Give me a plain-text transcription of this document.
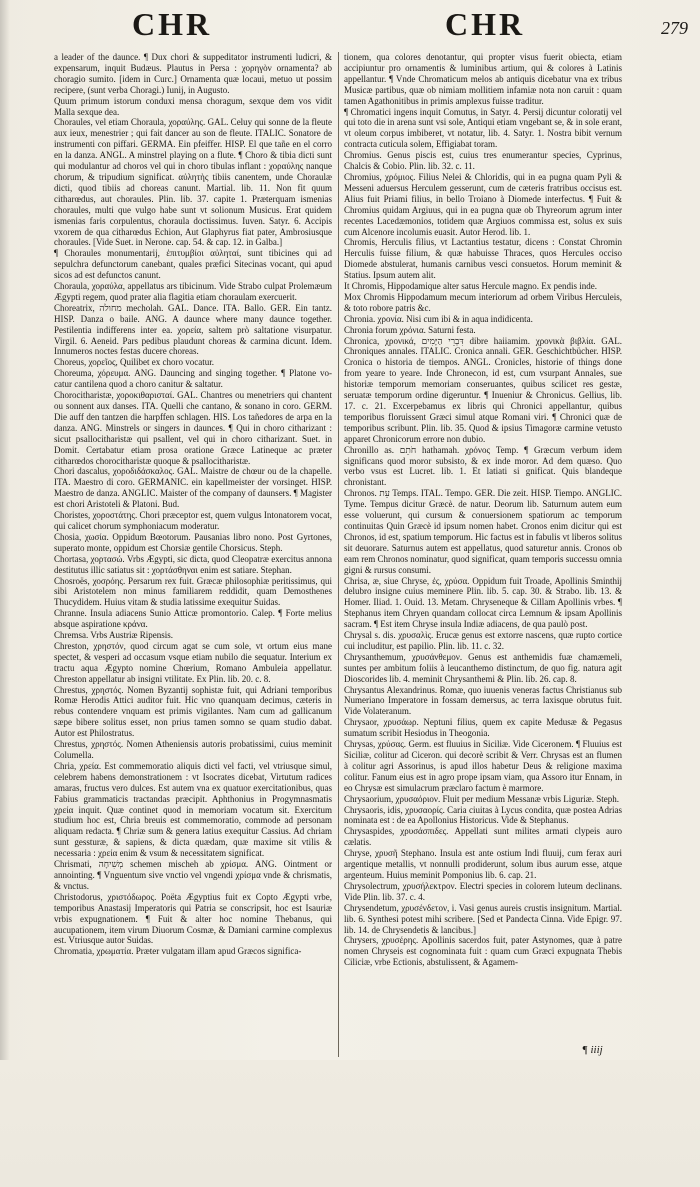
CHR	CHR	279

a leader of the daunce. ¶ Dux chori & suppeditator instrumenti ludicri, & expensarum, inquit Budæus. Plautus in Persa : χορηγὸν ornamenta? ab choragio sumito. [idem in Curc.] Ornamenta quæ locaui, metuo ut possim recipere, (sunt verba Choragi.) Iunij, in Augusto.

Quum primum istorum conduxi mensa choragum, sexque dem vos vidit Malla sexque dea.

Choraules, vel etiam Choraula, χοραύλης. GAL. Celuy qui sonne de la fleute aux ieux, menestrier ; qui fait dancer au son de fleute. ITALIC. Sonatore de instrumenti con piffari. GERMA. Ein pfeiffer. HISP. El que tañe en el corro en la danza. ANGL. A minstrel playing on a flute. ¶ Choro & tibia dicti sunt qui modulantur ad choros vel qui in choro tibulas inflant : χοραύλης nanque chorum, & tripudium significat. αὐλητὴς tibiis canentem, unde Choraulæ dicti, quod tibiis ad choreas canunt. Martial. lib. 11. Non fit quum citharœdus, aut choraules. Plin. lib. 37. capite 1. Præterquam ismenias choraules, multi que vulgo habe sunt vt solionum Musicus. Erat quidem ismenias faris corpulentus, choraula doctissimus. Iuven. Satyr. 6. Accipis vxorem de qua citharœdus Echion, Aut Glaphyrus fiat pater, Ambrosiusque choraules. [Vide Suet. in Nerone. cap. 54. & cap. 12. in Galba.]

¶ Choraules monumentarij, ἐπιτυμβίοι αὐληταί, sunt tibicines qui ad sepulchra defunctorum canebant, quales præfici Sitecinas vocant, qui apud sicos ad est defunctos canunt.

Choraula, χοραύλα, appellatus ars tibicinum. Vide Strabo culpat Prolemæum Ægypti regem, quod prater alia flagitia etiam choraulam exercuerit.

Choreatrix, מחולה mecholah. GAL. Dance. ITA. Ballo. GER. Ein tantz. HISP. Danza o baile. ANG. A daunce where many daunce together. Pestilentia indifferens inter ea. χορεία, saltem prò saltatione visurpatur. Virgil. 6. Aeneid. Pars pedibus plaudunt choreas & carmina dicunt. Idem. Innumeros noctes festas ducere choreas.

Choreus, χορεῖος, Quilibet ex choro vocatur.

Choreuma, χόρευμα. ANG. Dauncing and singing together. ¶ Platone vocatur cantilena quod a choro canitur & saltatur.

Chorocitharistæ, χοροκιθαρισταί. GAL. Chantres ou menetriers qui chantent ou sonnent aux danses. ITA. Quelli che cantano, & sonano in coro. GERM. Die auff den tantzen die harpffen schlagen. HIS. Los tañedores de arpa en la danza. ANG. Minstrels or singers in daunces. ¶ Qui in choro citharizant : sicut psallocitharistæ qui psallent, vel qui in choro citharizant. Suet. in Domit. Certabatur etiam prosa oratione Græce Latineque ac præter citharœdos chorocitharistæ quoque & psallocitharistæ.

Chori dascalus, χοροδιδάσκαλος. GAL. Maistre de chœur ou de la chapelle. ITA. Maestro di coro. GERMANIC. ein kapellmeister der vorsinget. HISP. Maestro de danza. ANGLIC. Maister of the company of daunsers. ¶ Magister est chori Aristoteli & Platoni. Bud.

Choristes, χοροστάτης. Chori præceptor est, quem vulgus Intonatorem vocat, qui calicet chorum symphoniacum moderatur.

Chosia, χωσία. Oppidum Bœotorum. Pausanias libro nono. Post Gyrtones, superato monte, oppidum est Chorsiæ gentile Chorsicus. Steph.

Chortasa, χορτασώ. Vrbs Ægypti, sic dicta, quod Cleopatræ exercitus annona destitutus illic satiatus sit : χορτάσθηναι enim est satiare. Stephan.

Chosroës, χοσρόης. Persarum rex fuit. Græcæ philosophiæ peritissimus, qui sibi Aristotelem non minus familiarem reddidit, quam Demosthenes Thucydidem. Huius vitam & studia latissime exequitur Suidas.

Chranne. Insula adiacens Sunio Atticæ promontorio. Calep. ¶ Forte melius absque aspiratione κράνα.

Chremsa. Vrbs Austriæ Ripensis.

Chreston, χρηστόν, quod circum agat se cum sole, vt ortum eius mane spectet, & vesperi ad occasum vsque etiam nubilo die sequatur. Interium ex tractu aqua Ægypto nomine Chœrium, Romano Ambuleia appellatur. Chreston appellatur ab insigni vtilitate. Ex Plin. lib. 20. c. 8.

Chrestus, χρηστός. Nomen Byzantij sophistæ fuit, qui Adriani temporibus Romæ Herodis Attici auditor fuit. Hic vno quanquam decimus, cæteris in rebus contendere vnquam est primis vigilantes. Nam cum ad gallicanum sæpe bibere solitus esset, non prius tamen somno se quam studio dabat. Autor est Philostratus.

Chrestus, χρηστός. Nomen Atheniensis autoris probatissimi, cuius meminit Columella.

Chria, χρεία. Est commemoratio aliquis dicti vel facti, vel vtriusque simul, celebrem habens demonstrationem : vt Isocrates dicebat, Virtutum radices amaras, fructus vero dulces. Est autem vna ex quatuor exercitationibus, quas Fabius grammaticis tractandas præcipit. Aphthonius in Progymnasmatis χρεία inquit. Quæ continet quod in memoriam vocatum sit. Exercitum studium hoc est, Chria breuis est commemoratio, commode ad personam aliquam redacta. ¶ Chriæ sum & genera latius exequitur Cassius. Ad chriam sunt gessturæ, & sapiens, & dicta quædam, quæ maxime sit vtilis & necessaria : χρεία enim & vsum & necessitatem significat.

Chrismati, מְשִׁיחָה schemen mischeh ab χρίσμα. ANG. Ointment or annointing. ¶ Vnguentum sive vnctio vel vngendi χρίσμα vnde & chrismatis, & vnctus.

Christodorus, χριστόδωρος. Poëta Ægyptius fuit ex Copto Ægypti vrbe, temporibus Anastasij Imperatoris qui Patria se conscripsit, hoc est Isauriæ vrbis expugnationem. ¶ Fuit & alter hoc nomine Thebanus, qui aucupationem, item virum Diuorum Cosmæ, & Damiani carmine complexus est. Vtriusque autor Suidas.

Chromatia, χρωματία. Præter vulgatam illam apud Græcos significa-

tionem, qua colores denotantur, qui propter visus fuerit obiecta, etiam accipiuntur pro ornamentis & luminibus artium, qui & colores à Latinis appellantur. ¶ Vnde Chromaticum melos ab antiquis dicebatur vna ex tribus Musicæ partibus, quæ ob nimiam mollitiem infamiæ nota non caruit : quam tamen Agathonitibus in primis amplexus fuisse traditur.

¶ Chromatici ingens inquit Comutus, in Satyr. 4. Persij dicuntur coloratij vel qui toto die in arena sunt vsi sole, Antiqui etiam vngebant se, & in sole erant, vt oleum corpus imbiberet, vt notatur, lib. 4. Satyr. 1. Nostra bibit vernum contracta cuticula solem, Effigiabat toram.

Chromius. Genus piscis est, cuius tres enumerantur species, Cyprinus, Chalcis & Cobio. Plin. lib. 32. c. 11.

Chromius, χρόμιος. Filius Nelei & Chloridis, qui in ea pugna quam Pyli & Messeni aduersus Herculem gesserunt, cum de cæteris fratribus occisus est. Alius fuit Priami filius, in bello Troiano à Diomede interfectus. ¶ Fuit & Chromius quidam Argiuus, qui in ea pugna quæ ob Thyreorum agrum inter recentes Lacedæmonios, totidem quæ Argiuos commissa est, solus ex suis cum Alcenore incolumis euasit. Autor Herod. lib. 1.

Chromis, Herculis filius, vt Lactantius testatur, dicens : Constat Chromin Herculis fuisse filium, & quæ habuisse Thraces, quos Hercules occiso Diomede abstulerat, humanis carnibus vesci consuetos. Horum meminit & Statius. Ipsum autem alit.

It Chromis, Hippodamique alter satus Hercule magno. Ex pendis inde.

Mox Chromis Hippodamum mecum interiorum ad orbem Viribus Herculeis, & toto robore patris &c.

Chronia. χρονία. Nisi cum ibi & in aqua indidicenta.

Chronia forum χρόνια. Saturni festa.

Chronica, χρονικά, דִּבְרֵי הַיָּמִים dibre haiiamim. χρονικὰ βιβλία. GAL. Chroniques annales. ITALIC. Cronica annali. GER. Geschichtbücher. HISP. Cronica o historia de tiempos. ANGL. Cronicles, historie of things done from yeare to yeare. Inde Chronecon, id est, cum vsurpant Annales, sue historiæ temporum memoriam conseruantes, quibus scilicet res gestæ, seruatæ temporum ordine digeruntur. ¶ Inueniur & Chronicus. Gellius, lib. 17. c. 21. Excerpebamus ex libris qui Chronici appellantur, quibus temporibus floruissent Græci simul atque Romani viri. ¶ Chronici quæ de temporibus scribunt. Plin. lib. 35. Quod & ipsius Timagoræ carmine vetusto apparet Chronicorum errore non dubio.

Chronillo as. חֹתֵם hathamah. χρόνος Temp. ¶ Græcum verbum idem significans quod moror subsisto, & ex inde moror. Ad dem quæso. Quo verbo vsus est Lucret. lib. 1. Et latiati si gnificat. Quis blandeque chronistant.

Chronos. עֵת Temps. ITAL. Tempo. GER. Die zeit. HISP. Tiempo. ANGLIC. Tyme. Tempus dicitur Græcè. de natur. Deorum lib. Saturnum autem eum esse voluerunt, qui cursum & conuersionem spatiorum ac temporum continuitas Quin Græcè id ipsum nomen habet. Cronos enim dicitur qui est Chronos, id est, spatium temporum. Hic factus est in fabulis vt liberos solitus sit deuorare. Saturnus autem est appellatus, quod saturetur annis. Cronos ob eam rem Chronos nominatur, quod significat, quam temporis successu omnia gigni & rursus consumi.

Chrisa, æ, siue Chryse, ἐς, χρύσα. Oppidum fuit Troade, Apollinis Sminthij delubro insigne cuius meminere Plin. lib. 5. cap. 30. & Strabo. lib. 13. & Homer. Iliad. 1. Ouid. 13. Metam. Chryseneque & Cillam Apollinis vrbes. ¶ Stephanus item Chryen quandam collocat circa Lemnum & ipsam Apollinis sacram. ¶ Est item Chryse insula Indiæ adiacens, de qua paulò post.

Chrysal s. dis. χρυσαλὶς. Erucæ genus est extorre nascens, quæ rupto cortice cui includitur, est papilio. Plin. lib. 11. c. 32.

Chrysanthemum, χρυσάνθεμον. Genus est anthemidis fuæ chamæmeli, suntes per ambitum foliis à leucanthemo distinctum, de quo fig. natura agit Dioscorides lib. 4. meminit Chrysanthemi & Plin. lib. 26. cap. 8.

Chrysantus Alexandrinus. Romæ, quo iuuenis veneras factus Christianus sub Numeriano Imperatore in fossam demersus, ac terra laxisque obrutus fuit. Vide Volateranum.

Chrysaor, χρυσάωρ. Neptuni filius, quem ex capite Medusæ & Pegasus sumatum scribit Hesiodus in Theogonia.

Chrysas, χρύσας. Germ. est fluuius in Siciliæ. Vide Ciceronem. ¶ Fluuius est Siciliæ, colitur ad Ciceron. qui decorè scribit & Verr. Chrysas est an flumen à colitur agri Assorinus, is apud illos habetur Deus & religione maxima colitur. Fanum eius est in agro prope ipsam viam, qua Assoro itur Ennam, in eo Chrysæ est simulacrum præclaro factum è marmore.

Chrysaorium, χρυσαόριον. Fluit per medium Messanæ vrbis Liguriæ. Steph.

Chrysaoris, idis, χρυσαορίς. Caria ciuitas à Lycus condita, quæ postea Adrias nominata est : de ea Apollonius Historicus. Vide & Stephanus.

Chrysaspides, χρυσάσπιδες. Appellati sunt milites armati clypeis auro cælatis.

Chryse, χρυσῆ Stephano. Insula est ante ostium Indi fluuij, cum ferax auri argentique metallis, vt nonnulli prodiderunt, solum ibus aurum esse, atque argenteum. Huius meminit Pomponius lib. 6. cap. 21.

Chrysolectrum, χρυσήλεκτρον. Electri species in colorem luteum declinans. Vide Plin. lib. 37. c. 4.

Chrysendetum, χρυσένδετον, i. Vasi genus aureis crustis insignitum. Martial. lib. 6. Synthesi potest mihi scribere. [Sed et Pandecta Cinna. Vide Epigr. 97. lib. 14. de Chrysendetis & lancibus.]

Chrysers, χρυσέρης. Apollinis sacerdos fuit, pater Astynomes, quæ à patre nomen Chryseis est cognominata fuit : quam cum Græci expugnata Thebis Ciliciæ, vrbe Ectionis, abstulissent, & Agamem-

¶ iiij
